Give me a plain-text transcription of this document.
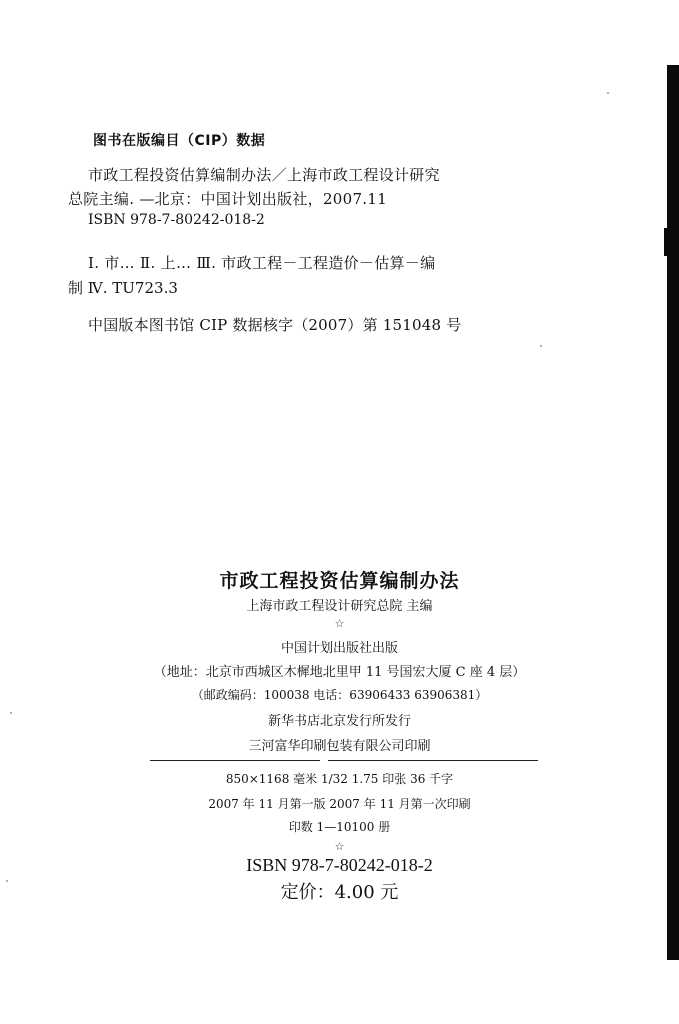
图书在版编目（CIP）数据
市政工程投资估算编制办法／上海市政工程设计研究
总院主编. —北京：中国计划出版社，2007.11
ISBN 978-7-80242-018-2
Ⅰ. 市… Ⅱ. 上… Ⅲ. 市政工程－工程造价－估算－编
制 Ⅳ. TU723.3
中国版本图书馆 CIP 数据核字（2007）第 151048 号
市政工程投资估算编制办法
上海市政工程设计研究总院 主编
☆
中国计划出版社出版
（地址：北京市西城区木樨地北里甲 11 号国宏大厦 C 座 4 层）
（邮政编码：100038 电话：63906433 63906381）
新华书店北京发行所发行
三河富华印刷包装有限公司印刷
850×1168 毫米 1/32 1.75 印张 36 千字
2007 年 11 月第一版 2007 年 11 月第一次印刷
印数 1—10100 册
☆
ISBN 978-7-80242-018-2
定价：4.00 元
